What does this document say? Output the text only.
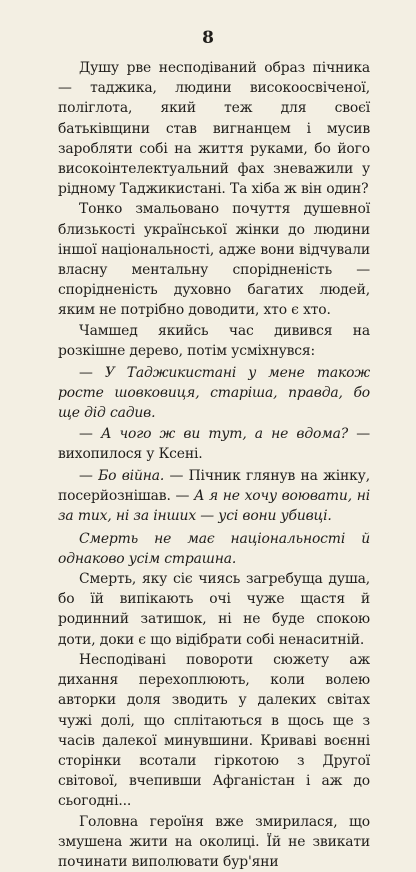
8

Душу рве несподіваний образ пічника — таджика, людини високоосвіченої, поліглота, який теж для своєї батьківщини став вигнанцем і мусив заробляти собі на життя руками, бо його високоінтелектуальний фах зневажили у рідному Таджикистані. Та хіба ж він один?

Тонко змальовано почуття душевної близькості української жінки до людини іншої національності, адже вони відчували власну ментальну спорідненість — спорідненість духовно багатих людей, яким не потрібно доводити, хто є хто.

Чамшед якийсь час дивився на розкішне дерево, потім усміхнувся:

— У Таджикистані у мене також росте шовковиця, старіша, правда, бо ще дід садив.

— А чого ж ви тут, а не вдома? — вихопилося у Ксені.

— Бо війна. — Пічник глянув на жінку, посерйознішав. — А я не хочу воювати, ні за тих, ні за інших — усі вони убивці.

Смерть не має національності й однаково усім страшна.

Смерть, яку сіє чиясь загребуща душа, бо їй випікають очі чуже щастя й родинний затишок, ні не буде спокою доти, доки є що відібрати собі ненаситній.

Несподівані повороти сюжету аж дихання перехоплюють, коли волею авторки доля зводить у далеких світах чужі долі, що сплітаються в щось ще з часів далекої минувшини. Криваві воєнні сторінки всотали гіркотою з Другої світової, вчепивши Афганістан і аж до сьогодні...

Головна героїня вже змирилася, що змушена жити на околиці. Їй не звикати починати виполювати бур'яни
